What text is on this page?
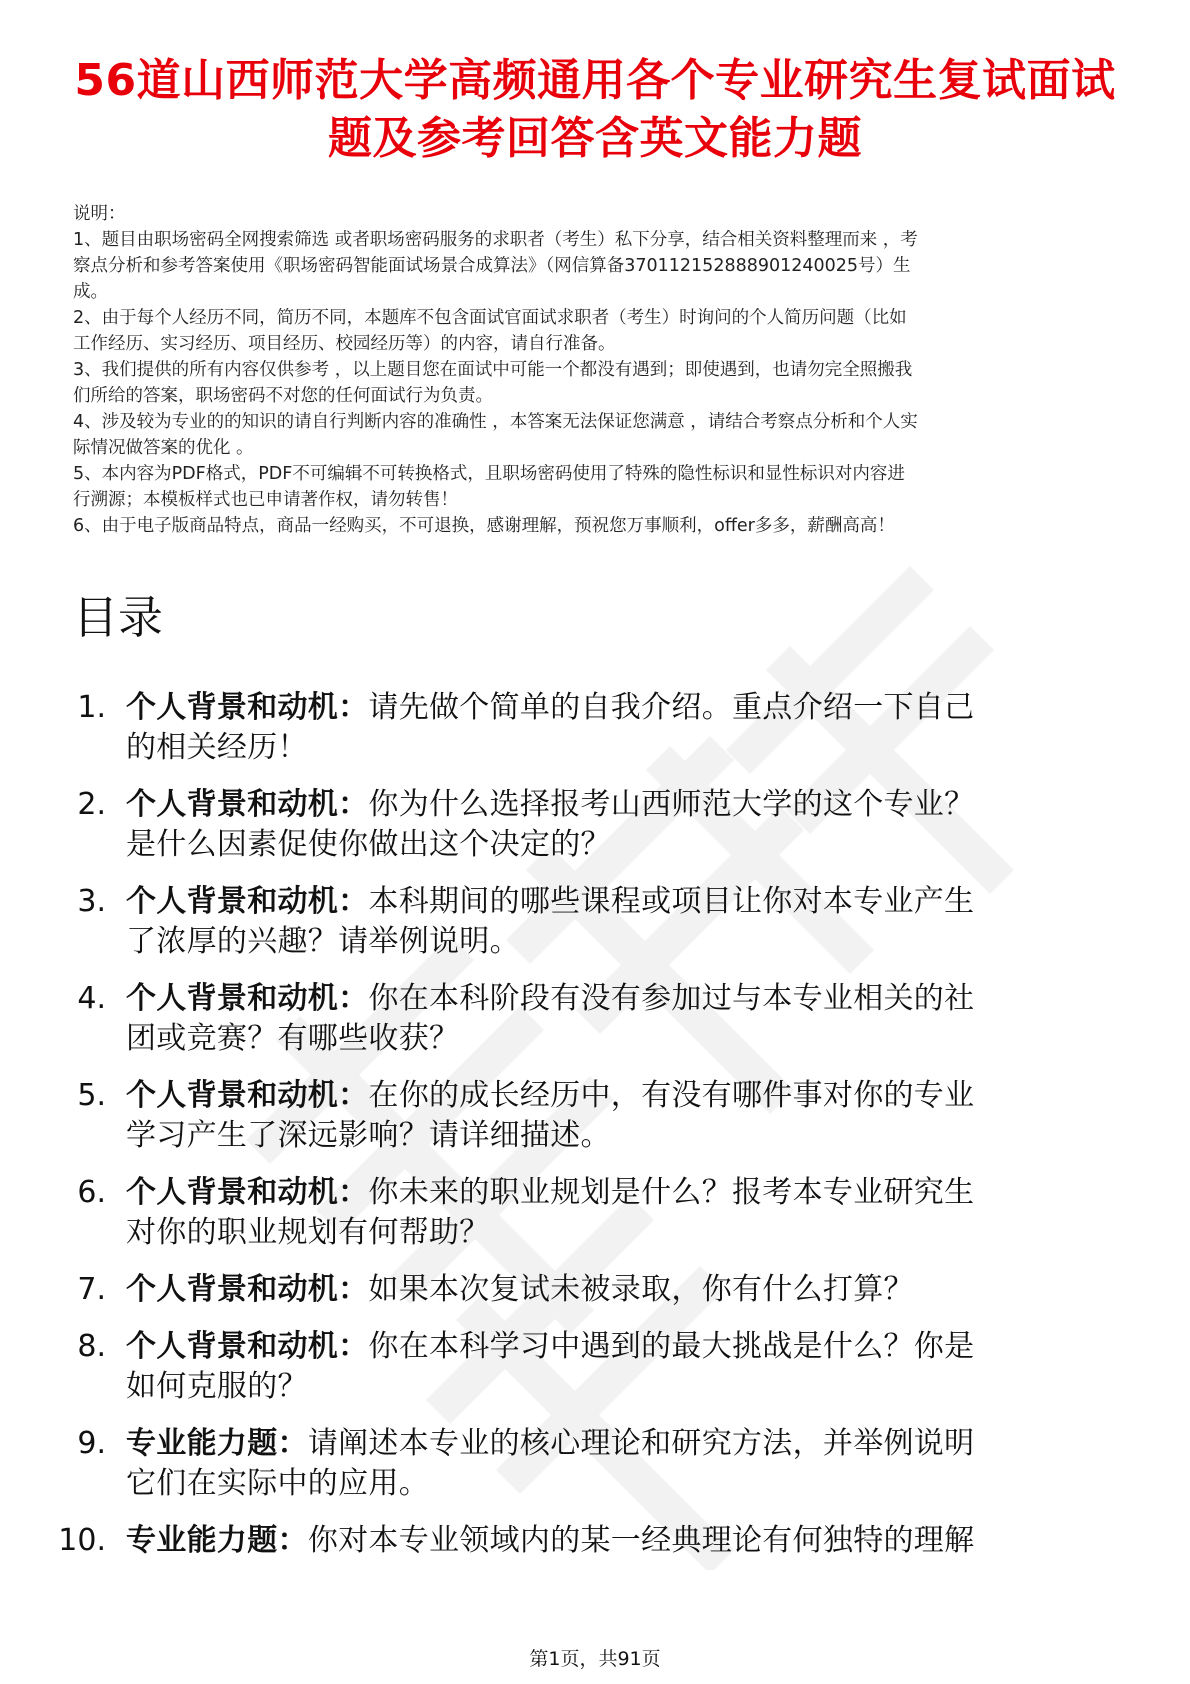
56道山西师范大学高频通用各个专业研究生复试面试题及参考回答含英文能力题
说明：
1、题目由职场密码全网搜索筛选 或者职场密码服务的求职者（考生）私下分享，结合相关资料整理而来 ，考
察点分析和参考答案使用《职场密码智能面试场景合成算法》（网信算备370112152888901240025号）生
成。
2、由于每个人经历不同，简历不同，本题库不包含面试官面试求职者（考生）时询问的个人简历问题（比如
工作经历、实习经历、项目经历、校园经历等）的内容，请自行准备。
3、我们提供的所有内容仅供参考 ，以上题目您在面试中可能一个都没有遇到；即使遇到，也请勿完全照搬我
们所给的答案，职场密码不对您的任何面试行为负责。
4、涉及较为专业的的知识的请自行判断内容的准确性 ，本答案无法保证您满意 ，请结合考察点分析和个人实
际情况做答案的优化 。
5、本内容为PDF格式，PDF不可编辑不可转换格式，且职场密码使用了特殊的隐性标识和显性标识对内容进
行溯源；本模板样式也已申请著作权，请勿转售！
6、由于电子版商品特点，商品一经购买，不可退换，感谢理解，预祝您万事顺利，offer多多，薪酬高高！
目录
1. 个人背景和动机：请先做个简单的自我介绍。重点介绍一下自己
的相关经历！
2. 个人背景和动机：你为什么选择报考山西师范大学的这个专业？
是什么因素促使你做出这个决定的？
3. 个人背景和动机：本科期间的哪些课程或项目让你对本专业产生
了浓厚的兴趣？请举例说明。
4. 个人背景和动机：你在本科阶段有没有参加过与本专业相关的社
团或竞赛？有哪些收获？
5. 个人背景和动机：在你的成长经历中，有没有哪件事对你的专业
学习产生了深远影响？请详细描述。
6. 个人背景和动机：你未来的职业规划是什么？报考本专业研究生
对你的职业规划有何帮助？
7. 个人背景和动机：如果本次复试未被录取，你有什么打算？
8. 个人背景和动机：你在本科学习中遇到的最大挑战是什么？你是
如何克服的？
9. 专业能力题：请阐述本专业的核心理论和研究方法，并举例说明
它们在实际中的应用。
10. 专业能力题：你对本专业领域内的某一经典理论有何独特的理解
第1页，共91页
